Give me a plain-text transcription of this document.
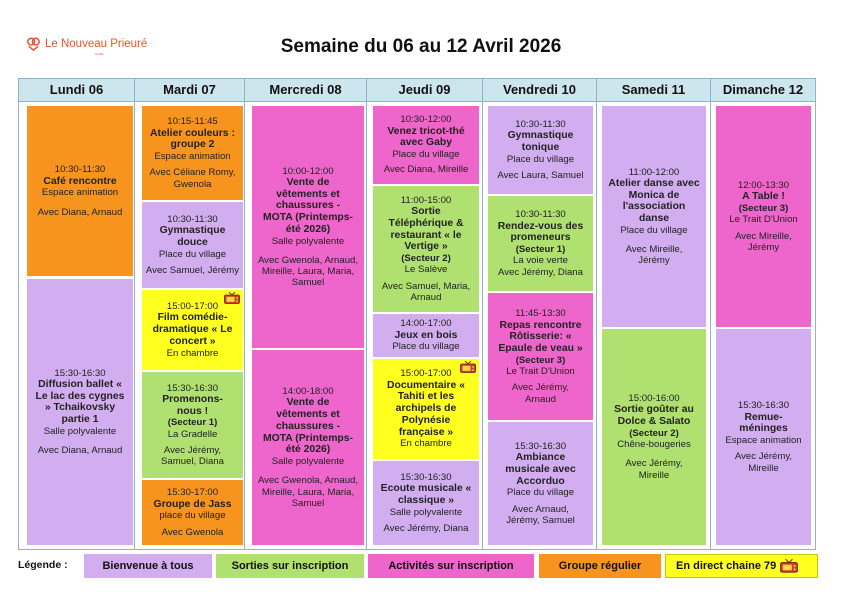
Le Nouveau Prieuré
ALSIE	Semaine du 06 au 12 Avril 2026
Lundi 06
10:30-11:30
Café rencontre
Espace animation
Avec Diana, Arnaud
15:30-16:30
Diffusion ballet « Le lac des cygnes » Tchaikovsky partie 1
Salle polyvalente
Avec Diana, Arnaud
Mardi 07
10:15-11:45
Atelier couleurs : groupe 2
Espace animation
Avec Céliane Romy, Gwenola
10:30-11:30
Gymnastique douce
Place du village
Avec Samuel, Jérémy
15:00-17:00
Film comédie-dramatique « Le concert »
En chambre
15:30-16:30
Promenons-nous !
(Secteur 1)
La Gradelle
Avec Jérémy, Samuel, Diana
15:30-17:00
Groupe de Jass
place du village
Avec Gwenola
Mercredi 08
10:00-12:00
Vente de vêtements et chaussures - MOTA (Printemps-été 2026)
Salle polyvalente
Avec Gwenola, Arnaud, Mireille, Laura, Maria, Samuel
14:00-18:00
Vente de vêtements et chaussures - MOTA (Printemps-été 2026)
Salle polyvalente
Avec Gwenola, Arnaud, Mireille, Laura, Maria, Samuel
Jeudi 09
10:30-12:00
Venez tricot-thé avec Gaby
Place du village
Avec Diana, Mireille
11:00-15:00
Sortie Téléphérique & restaurant « le Vertige »
(Secteur 2)
Le Salève
Avec Samuel, Maria, Arnaud
14:00-17:00
Jeux en bois
Place du village
15:00-17:00
Documentaire « Tahiti et les archipels de Polynésie française »
En chambre
15:30-16:30
Ecoute musicale « classique »
Salle polyvalente
Avec Jérémy, Diana
Vendredi 10
10:30-11:30
Gymnastique tonique
Place du village
Avec Laura, Samuel
10:30-11:30
Rendez-vous des promeneurs
(Secteur 1)
La voie verte
Avec Jérémy, Diana
11:45-13:30
Repas rencontre Rôtisserie: « Epaule de veau »
(Secteur 3)
Le Trait D'Union
Avec Jérémy, Arnaud
15:30-16:30
Ambiance musicale avec Accorduo
Place du village
Avec Arnaud, Jérémy, Samuel
Samedi 11
11:00-12:00
Atelier danse avec Monica de l'association danse
Place du village
Avec Mireille, Jérémy
15:00-16:00
Sortie goûter au Dolce & Salato
(Secteur 2)
Chêne-bougeries
Avec Jérémy, Mireille
Dimanche 12
12:00-13:30
A Table !
(Secteur 3)
Le Trait D'Union
Avec Mireille, Jérémy
15:30-16:30
Remue-méninges
Espace animation
Avec Jérémy, Mireille
Légende :	Bienvenue à tous	Sorties sur inscription	Activités sur inscription	Groupe régulier	En direct chaine 79
